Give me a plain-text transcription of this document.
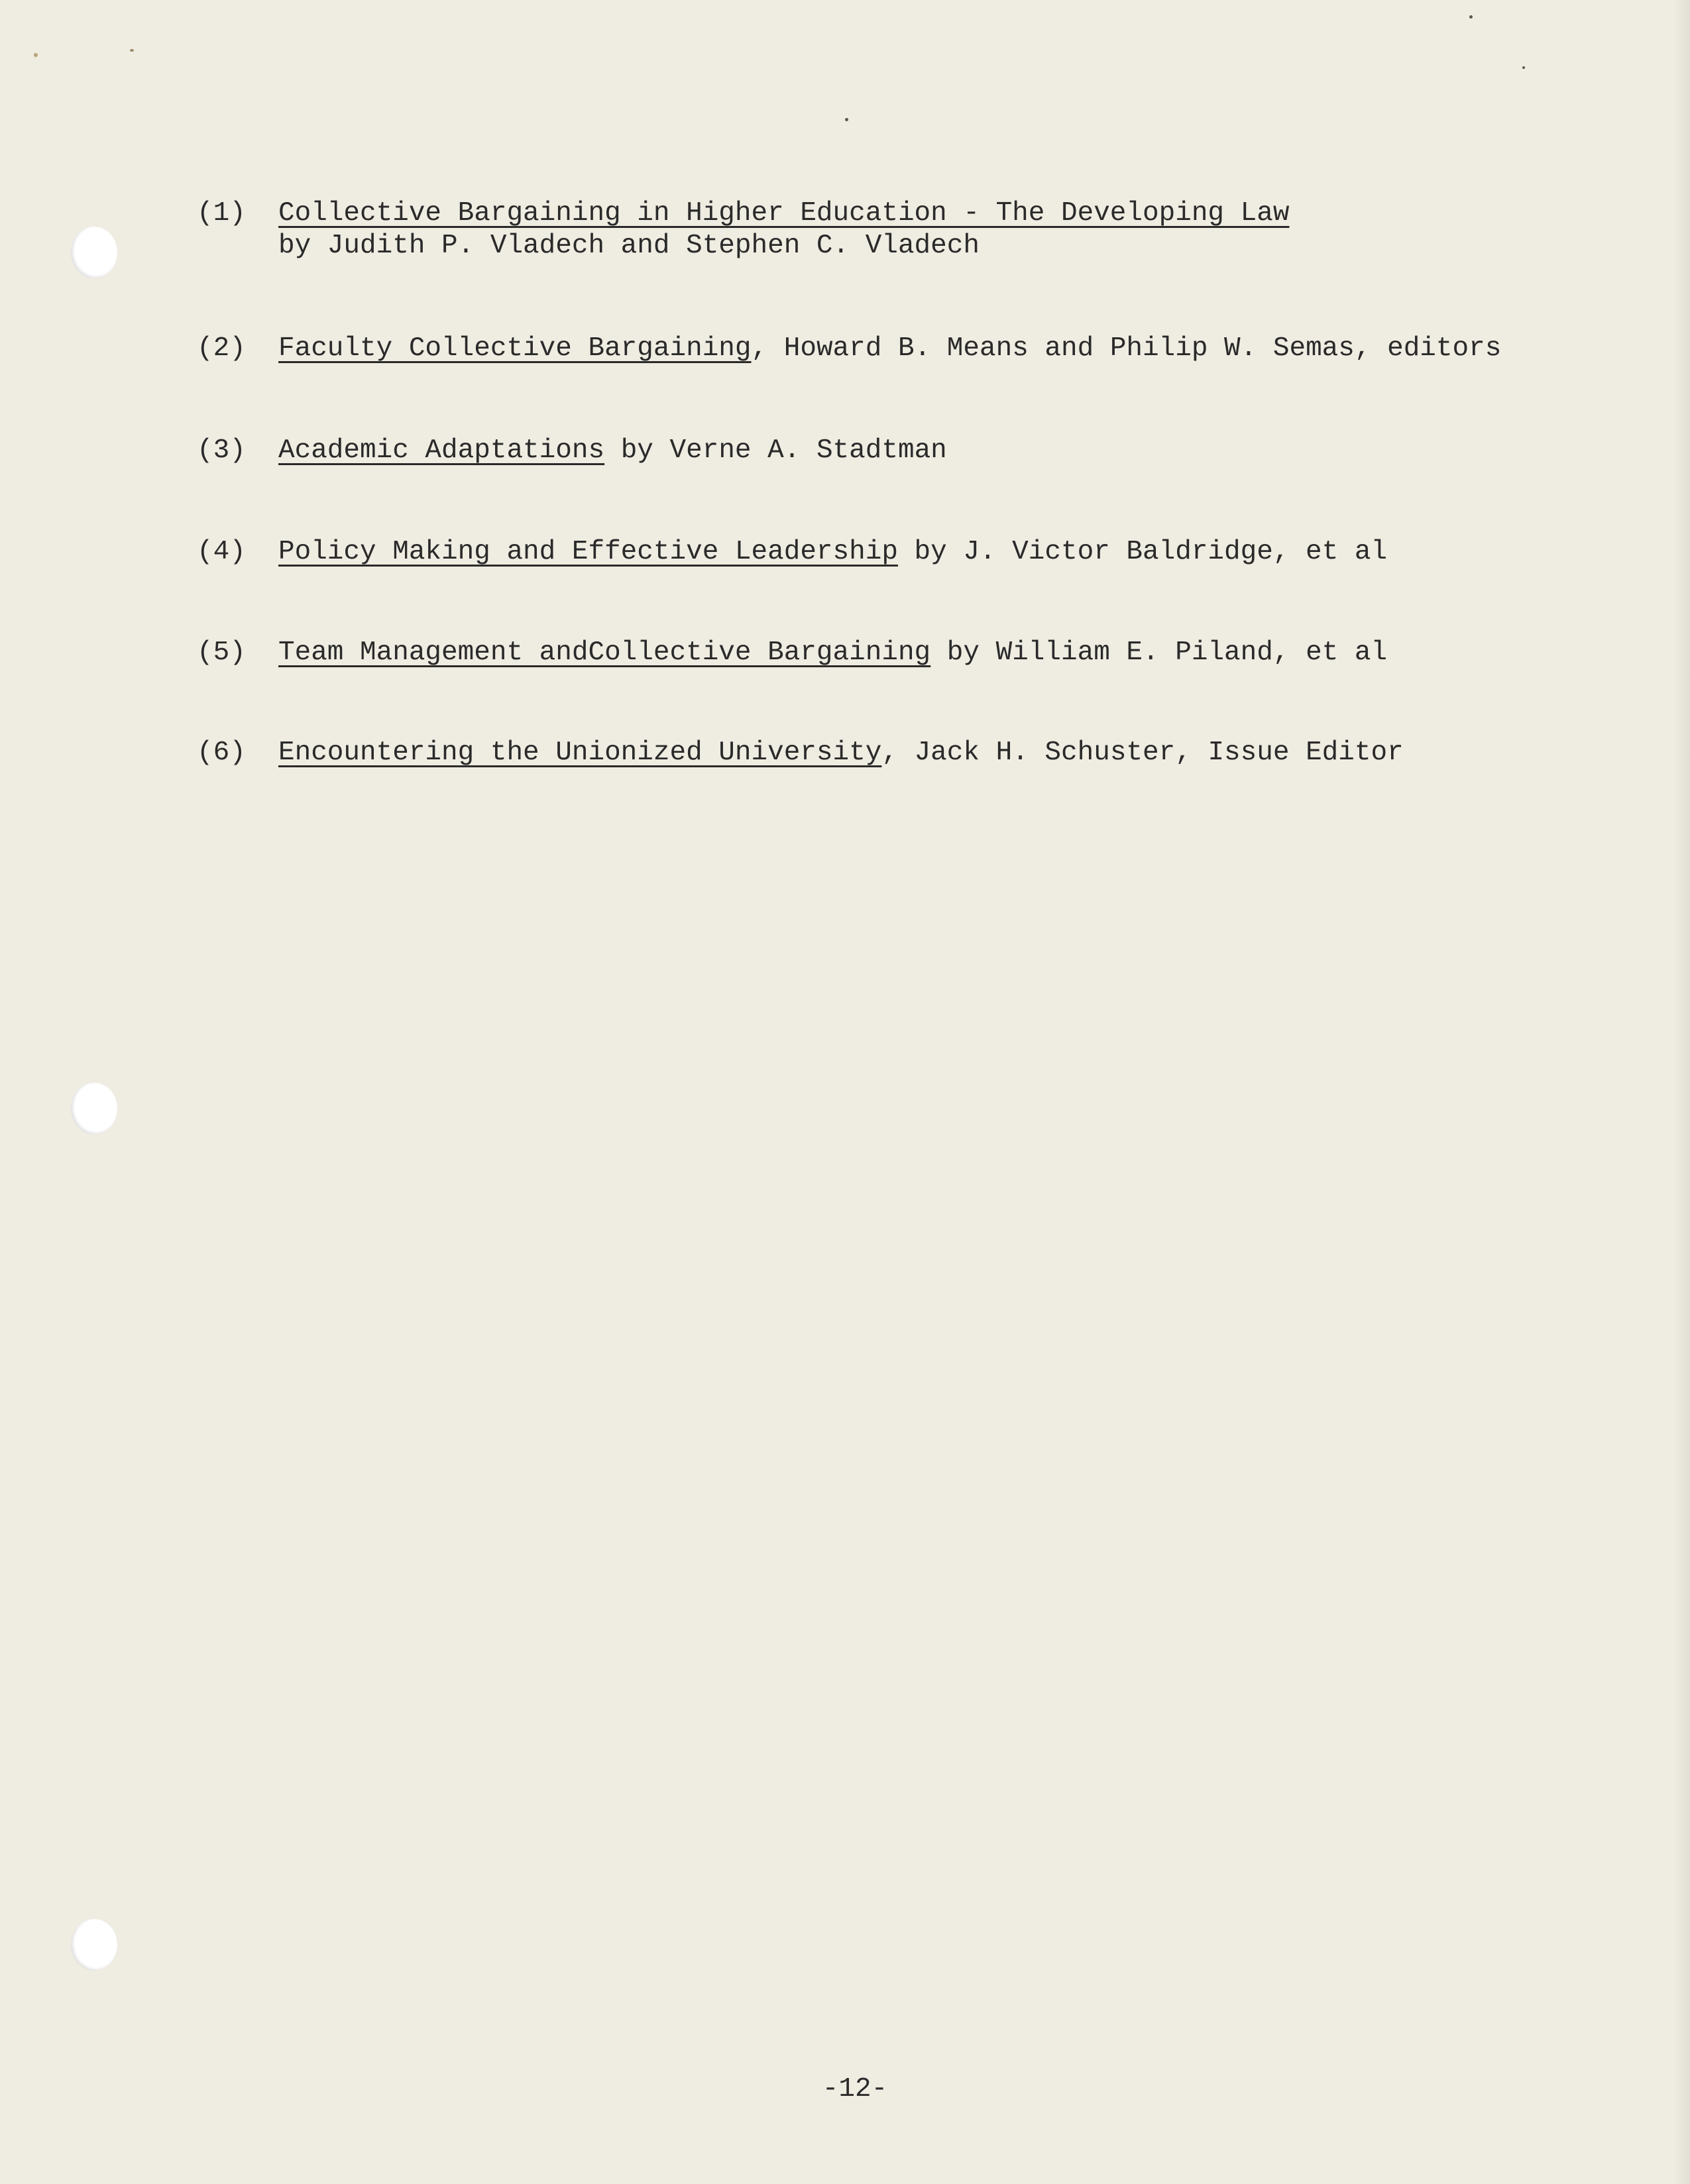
(1) Collective Bargaining in Higher Education - The Developing Law
by Judith P. Vladech and Stephen C. Vladech
(2) Faculty Collective Bargaining, Howard B. Means and Philip W. Semas, editors
(3) Academic Adaptations by Verne A. Stadtman
(4) Policy Making and Effective Leadership by J. Victor Baldridge, et al
(5) Team Management andCollective Bargaining by William E. Piland, et al
(6) Encountering the Unionized University, Jack H. Schuster, Issue Editor
-12-
